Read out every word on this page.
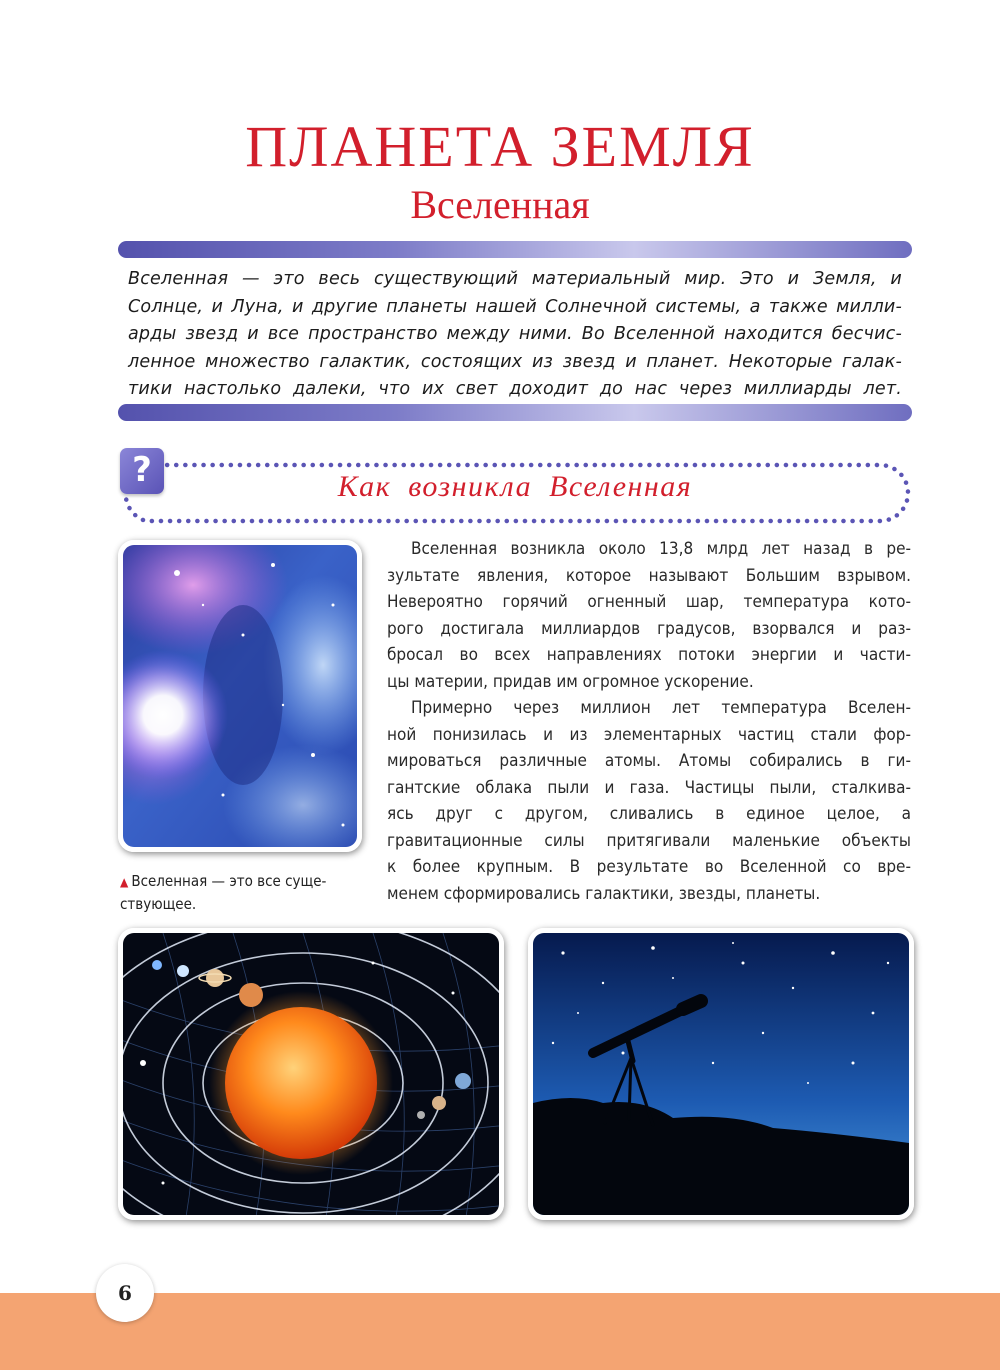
ПЛАНЕТА ЗЕМЛЯ
Вселенная
Вселенная — это весь существующий материальный мир. Это и Земля, и
Солнце, и Луна, и другие планеты нашей Солнечной системы, а также милли-
арды звезд и все пространство между ними. Во Вселенной находится бесчис-
ленное множество галактик, состоящих из звезд и планет. Некоторые галак-
тики настолько далеки, что их свет доходит до нас через миллиарды лет.
?	Как возникла Вселенная
▲ Вселенная — это все суще-
ствующее.
Вселенная возникла около 13,8 млрд лет назад в ре-
зультате явления, которое называют Большим взрывом.
Невероятно горячий огненный шар, температура кото-
рого достигала миллиардов градусов, взорвался и раз-
бросал во всех направлениях потоки энергии и части-
цы материи, придав им огромное ускорение.
Примерно через миллион лет температура Вселен-
ной понизилась и из элементарных частиц стали фор-
мироваться различные атомы. Атомы собирались в ги-
гантские облака пыли и газа. Частицы пыли, сталкива-
ясь друг с другом, сливались в единое целое, а
гравитационные силы притягивали маленькие объекты
к более крупным. В результате во Вселенной со вре-
менем сформировались галактики, звезды, планеты.
6
